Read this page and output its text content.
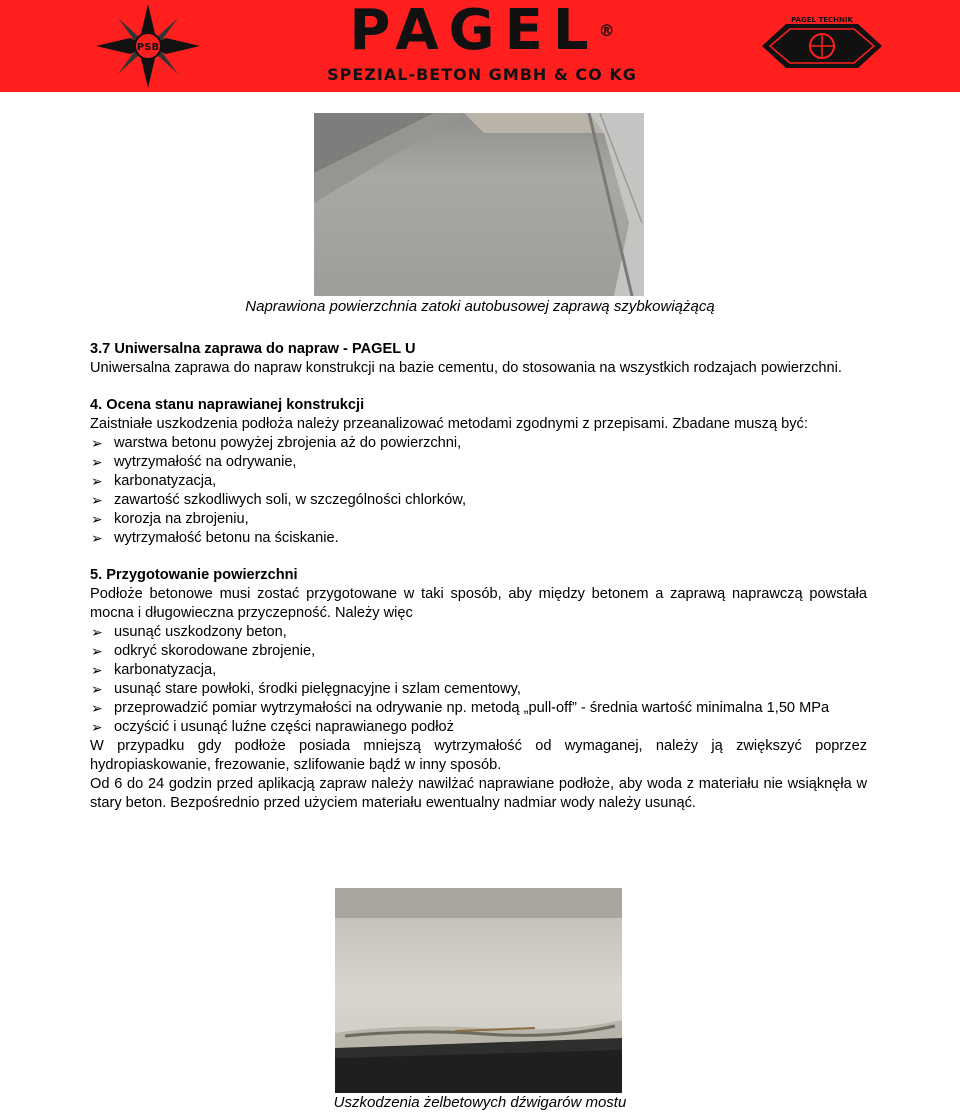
PSB	PAGEL®
SPEZIAL-BETON GMBH & CO KG
PAGEL TECHNIK
Naprawiona powierzchnia zatoki autobusowej zaprawą szybkowiążącą

3.7 Uniwersalna zaprawa do napraw - PAGEL U

Uniwersalna zaprawa do napraw konstrukcji na bazie cementu, do stosowania na wszystkich rodzajach powierzchni.

4. Ocena stanu naprawianej konstrukcji

Zaistniałe uszkodzenia podłoża należy przeanalizować metodami zgodnymi z przepisami. Zbadane muszą być:

➢ warstwa betonu powyżej zbrojenia aż do powierzchni,
➢ wytrzymałość na odrywanie,
➢ karbonatyzacja,
➢ zawartość szkodliwych soli, w szczególności chlorków,
➢ korozja na zbrojeniu,
➢ wytrzymałość betonu na ściskanie.

5. Przygotowanie powierzchni

Podłoże betonowe musi zostać przygotowane w taki sposób, aby między betonem a zaprawą naprawczą powstała mocna i długowieczna przyczepność. Należy więc

➢ usunąć uszkodzony beton,
➢ odkryć skorodowane zbrojenie,
➢ karbonatyzacja,
➢ usunąć stare powłoki, środki pielęgnacyjne i szlam cementowy,
➢ przeprowadzić pomiar wytrzymałości na odrywanie np. metodą „pull-off” - średnia wartość minimalna 1,50 MPa
➢ oczyścić i usunąć luźne części naprawianego podłoż

W przypadku gdy podłoże posiada mniejszą wytrzymałość od wymaganej, należy ją zwiększyć poprzez hydropiaskowanie, frezowanie, szlifowanie bądź w inny sposób.

Od 6 do 24 godzin przed aplikacją zapraw należy nawilżać naprawiane podłoże, aby woda z materiału nie wsiąknęła w stary beton. Bezpośrednio przed użyciem materiału ewentualny nadmiar wody należy usunąć.

Uszkodzenia żelbetowych dźwigarów mostu
